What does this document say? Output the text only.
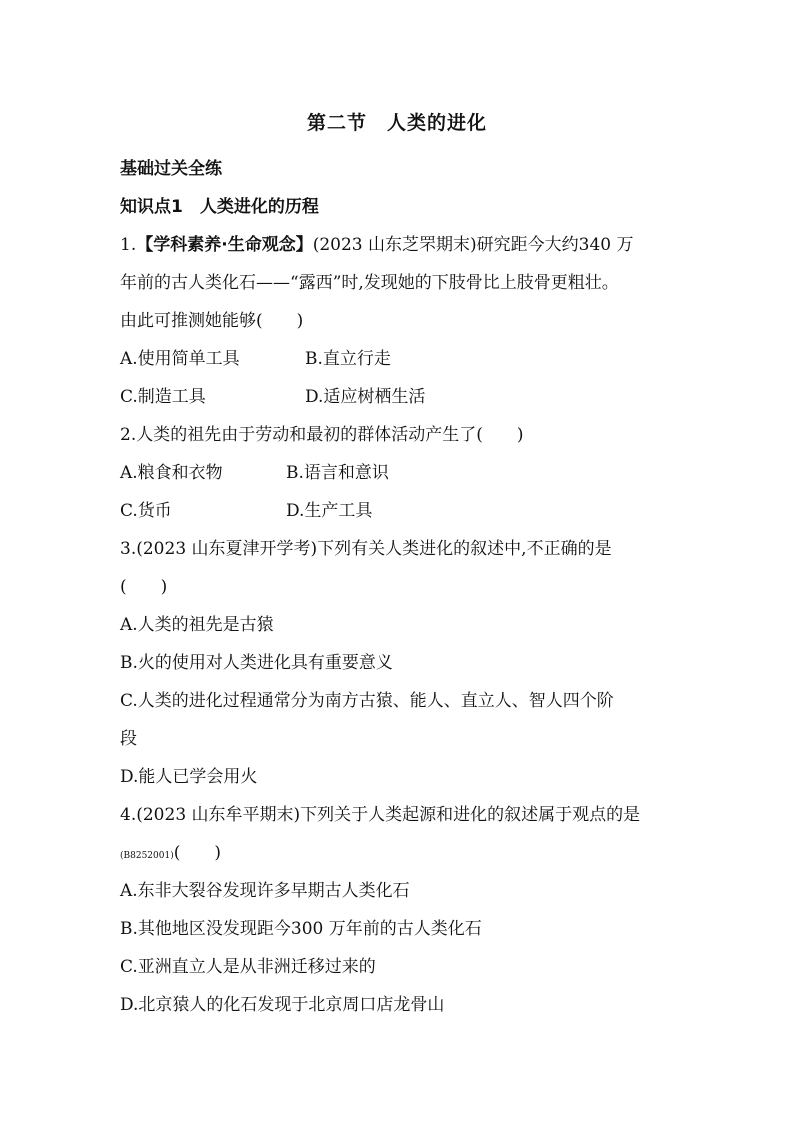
第二节　人类的进化
基础过关全练
知识点1　人类进化的历程
1.【学科素养·生命观念】(2023 山东芝罘期末)研究距今大约340 万
年前的古人类化石——“露西”时,发现她的下肢骨比上肢骨更粗壮。
由此可推测她能够(　　)
A.使用简单工具	B.直立行走
C.制造工具	D.适应树栖生活
2.人类的祖先由于劳动和最初的群体活动产生了(　　)
A.粮食和衣物	B.语言和意识
C.货币	D.生产工具
3.(2023 山东夏津开学考)下列有关人类进化的叙述中,不正确的是
(　　)
A.人类的祖先是古猿
B.火的使用对人类进化具有重要意义
C.人类的进化过程通常分为南方古猿、能人、直立人、智人四个阶
段
D.能人已学会用火
4.(2023 山东牟平期末)下列关于人类起源和进化的叙述属于观点的是
(B8252001)(　　)
A.东非大裂谷发现许多早期古人类化石
B.其他地区没发现距今300 万年前的古人类化石
C.亚洲直立人是从非洲迁移过来的
D.北京猿人的化石发现于北京周口店龙骨山
